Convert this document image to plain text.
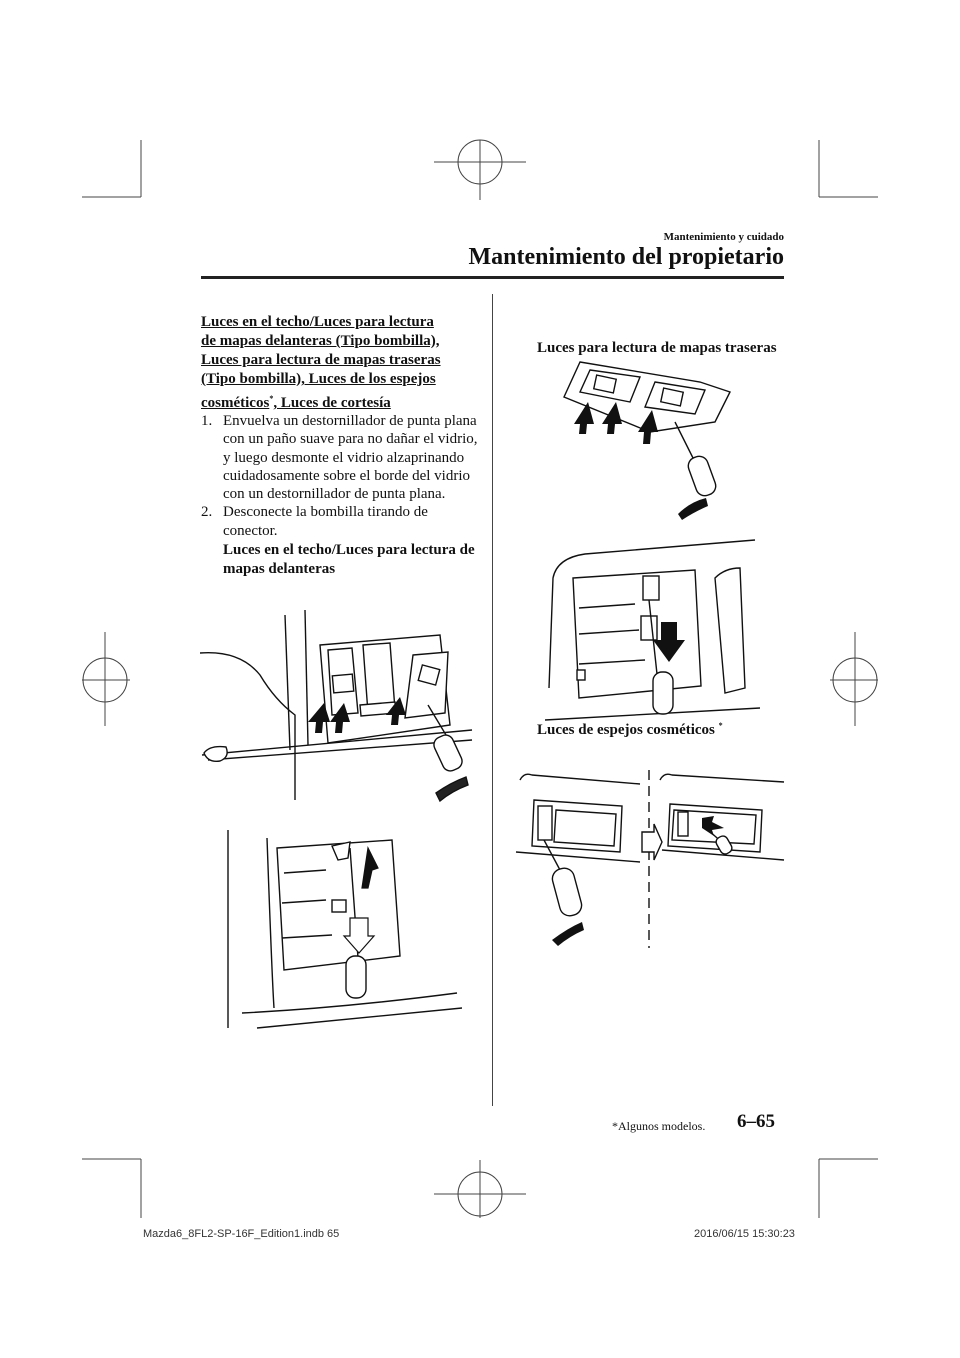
Mantenimiento y cuidado
Mantenimiento del propietario
Luces en el techo/Luces para lectura
de mapas delanteras (Tipo bombilla),
Luces para lectura de mapas traseras
(Tipo bombilla), Luces de los espejos
cosméticos*, Luces de cortesía
1. Envuelva un destornillador de punta plana con un paño suave para no dañar el vidrio, y luego desmonte el vidrio alzaprinando cuidadosamente sobre el borde del vidrio con un destornillador de punta plana.
2. Desconecte la bombilla tirando de conector.
Luces en el techo/Luces para lectura de mapas delanteras
Luces para lectura de mapas traseras
Luces de espejos cosméticos *
*Algunos modelos. 6–65
Mazda6_8FL2-SP-16F_Edition1.indb 65	2016/06/15 15:30:23
